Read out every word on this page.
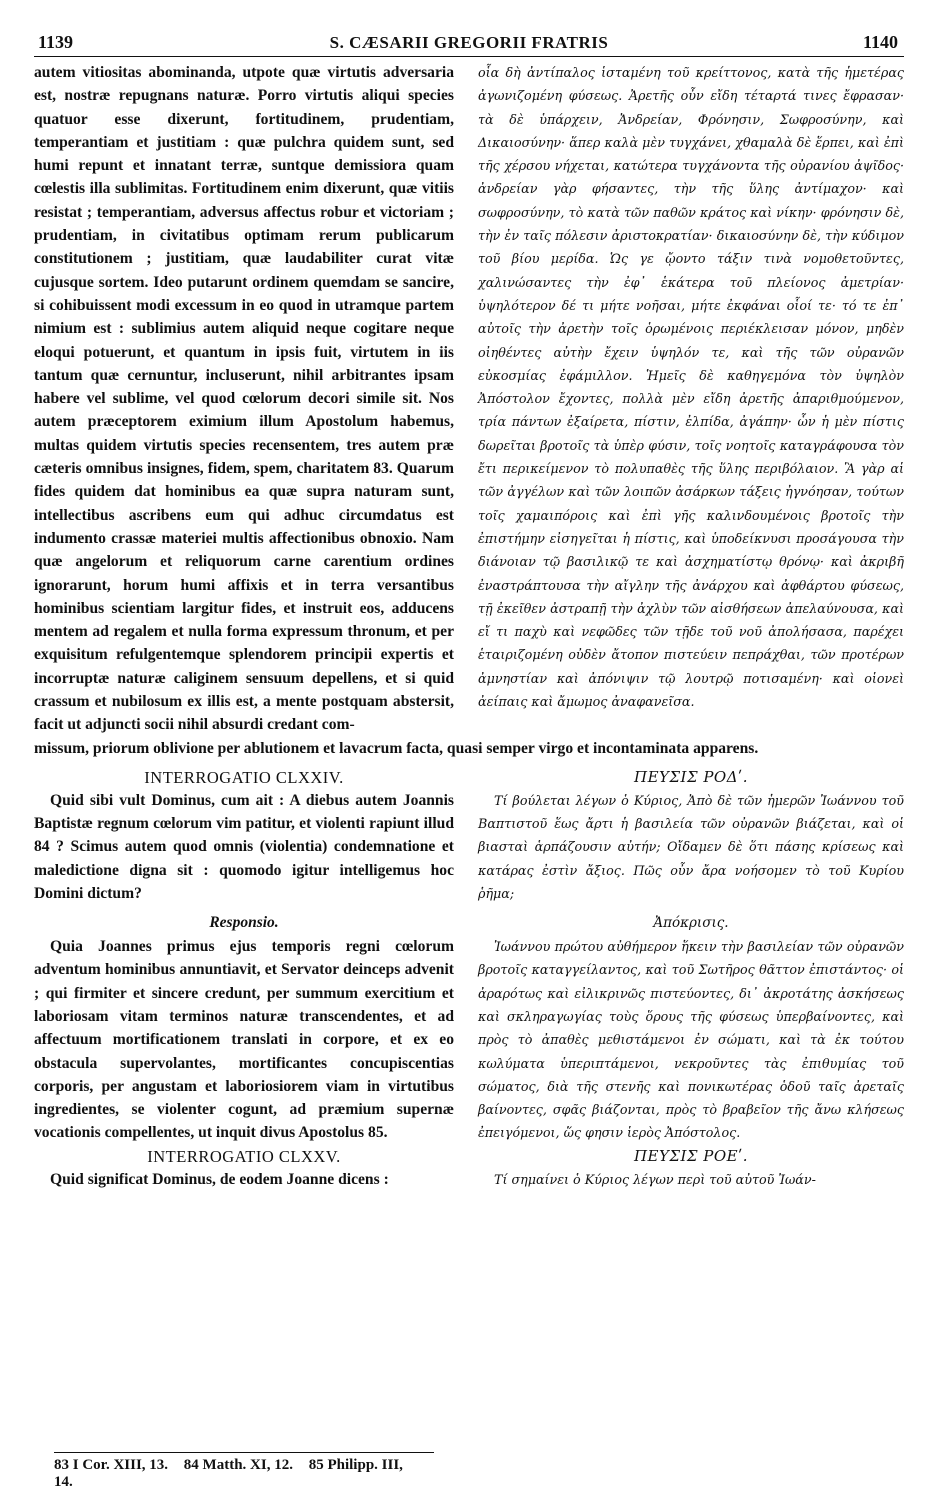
1139	S. CÆSARII GREGORII FRATRIS	1140

autem vitiositas abominanda, utpote quæ virtutis adversaria est, nostræ repugnans naturæ. Porro virtutis aliqui species quatuor esse dixerunt, fortitudinem, prudentiam, temperantiam et justitiam : quæ pulchra quidem sunt, sed humi repunt et innatant terræ, suntque demissiora quam cœlestis illa sublimitas. Fortitudinem enim dixerunt, quæ vitiis resistat ; temperantiam, adversus affectus robur et victoriam ; prudentiam, in civitatibus optimam rerum publicarum constitutionem ; justitiam, quæ laudabiliter curat vitæ cujusque sortem. Ideo putarunt ordinem quemdam se sancire, si cohibuissent modi excessum in eo quod in utramque partem nimium est : sublimius autem aliquid neque cogitare neque eloqui potuerunt, et quantum in ipsis fuit, virtutem in iis tantum quæ cernuntur, incluserunt, nihil arbitrantes ipsam habere vel sublime, vel quod cœlorum decori simile sit. Nos autem præceptorem eximium illum Apostolum habemus, multas quidem virtutis species recensentem, tres autem præ cæteris omnibus insignes, fidem, spem, charitatem 83. Quarum fides quidem dat hominibus ea quæ supra naturam sunt, intellectibus ascribens eum qui adhuc circumdatus est indumento crassæ materiei multis affectionibus obnoxio. Nam quæ angelorum et reliquorum carne carentium ordines ignorarunt, horum humi affixis et in terra versantibus hominibus scientiam largitur fides, et instruit eos, adducens mentem ad regalem et nulla forma expressum thronum, et per exquisitum refulgentemque splendorem principii expertis et incorruptæ naturæ caliginem sensuum depellens, et si quid crassum et nubilosum ex illis est, a mente postquam abstersit, facit ut adjuncti socii nihil absurdi credant com-

οἷα δὴ ἀντίπαλος ἱσταμένη τοῦ κρείττονος, κατὰ τῆς ἡμετέρας ἀγωνιζομένη φύσεως. Ἀρετῆς οὖν εἴδη τέταρτά τινες ἔφρασαν· τὰ δὲ ὑπάρχειν, Ἀνδρείαν, Φρόνησιν, Σωφροσύνην, καὶ Δικαιοσύνην· ἅπερ καλὰ μὲν τυγχάνει, χθαμαλὰ δὲ ἕρπει, καὶ ἐπὶ τῆς χέρσου νήχεται, κατώτερα τυγχάνοντα τῆς οὐρανίου ἀψῖδος· ἀνδρείαν γὰρ φήσαντες, τὴν τῆς ὕλης ἀντίμαχον· καὶ σωφροσύνην, τὸ κατὰ τῶν παθῶν κράτος καὶ νίκην· φρόνησιν δὲ, τὴν ἐν ταῖς πόλεσιν ἀριστοκρατίαν· δικαιοσύνην δὲ, τὴν κύδιμον τοῦ βίου μερίδα. Ὡς γε ᾤοντο τάξιν τινὰ νομοθετοῦντες, χαλινώσαντες τὴν ἐφ᾽ ἑκάτερα τοῦ πλείονος ἀμετρίαν· ὑψηλότερον δέ τι μήτε νοῆσαι, μήτε ἐκφάναι οἷοί τε· τό τε ἐπ᾽ αὐτοῖς τὴν ἀρετὴν τοῖς ὁρωμένοις περιέκλεισαν μόνον, μηδὲν οἰηθέντες αὐτὴν ἔχειν ὑψηλόν τε, καὶ τῆς τῶν οὐρανῶν εὐκοσμίας ἐφάμιλλον. Ἡμεῖς δὲ καθηγεμόνα τὸν ὑψηλὸν Ἀπόστολον ἔχοντες, πολλὰ μὲν εἴδη ἀρετῆς ἀπαριθμούμενον, τρία πάντων ἐξαίρετα, πίστιν, ἐλπίδα, ἀγάπην· ὧν ἡ μὲν πίστις δωρεῖται βροτοῖς τὰ ὑπὲρ φύσιν, τοῖς νοητοῖς καταγράφουσα τὸν ἔτι περικείμενον τὸ πολυπαθὲς τῆς ὕλης περιβόλαιον. Ἃ γὰρ αἱ τῶν ἀγγέλων καὶ τῶν λοιπῶν ἀσάρκων τάξεις ἠγνόησαν, τούτων τοῖς χαμαιπόροις καὶ ἐπὶ γῆς καλινδουμένοις βροτοῖς τὴν ἐπιστήμην εἰσηγεῖται ἡ πίστις, καὶ ὑποδείκνυσι προσάγουσα τὴν διάνοιαν τῷ βασιλικῷ τε καὶ ἀσχηματίστῳ θρόνῳ· καὶ ἀκριβῆ ἐναστράπτουσα τὴν αἴγλην τῆς ἀνάρχου καὶ ἀφθάρτου φύσεως, τῇ ἐκεῖθεν ἀστραπῇ τὴν ἀχλὺν τῶν αἰσθήσεων ἀπελαύνουσα, καὶ εἴ τι παχὺ καὶ νεφῶδες τῶν τῇδε τοῦ νοῦ ἀπολήσασα, παρέχει ἑταιριζομένη οὐδὲν ἄτοπον πιστεύειν πεπράχθαι, τῶν προτέρων ἀμνηστίαν καὶ ἀπόνιψιν τῷ λουτρῷ ποτισαμένη· καὶ οἱονεὶ ἀείπαις καὶ ἄμωμος ἀναφανεῖσα.

missum, priorum oblivione per ablutionem et lavacrum facta, quasi semper virgo et incontaminata apparens.
INTERROGATIO CLXXIV.

Quid sibi vult Dominus, cum ait : A diebus autem Joannis Baptistæ regnum cœlorum vim patitur, et violenti rapiunt illud 84 ? Scimus autem quod omnis (violentia) condemnatione et maledictione digna sit : quomodo igitur intelligemus hoc Domini dictum?

Responsio.

Quia Joannes primus ejus temporis regni cœlorum adventum hominibus annuntiavit, et Servator deinceps advenit ; qui firmiter et sincere credunt, per summum exercitium et laboriosam vitam terminos naturæ transcendentes, et ad affectuum mortificationem translati in corpore, et ex eo obstacula supervolantes, mortificantes concupiscentias corporis, per angustam et laboriosiorem viam in virtutibus ingredientes, se violenter cogunt, ad præmium supernæ vocationis compellentes, ut inquit divus Apostolus 85.

INTERROGATIO CLXXV.

Quid significat Dominus, de eodem Joanne dicens :

ΠΕΥΣΙΣ ΡΟΔʹ.

Τί βούλεται λέγων ὁ Κύριος, Ἀπὸ δὲ τῶν ἡμερῶν Ἰωάννου τοῦ Βαπτιστοῦ ἕως ἄρτι ἡ βασιλεία τῶν οὐρανῶν βιάζεται, καὶ οἱ βιασταὶ ἁρπάζουσιν αὐτήν; Οἴδαμεν δὲ ὅτι πάσης κρίσεως καὶ κατάρας ἐστὶν ἄξιος. Πῶς οὖν ἄρα νοήσομεν τὸ τοῦ Κυρίου ῥῆμα;

Ἀπόκρισις.

Ἰωάννου πρώτου αὐθήμερον ἥκειν τὴν βασιλείαν τῶν οὐρανῶν βροτοῖς καταγγείλαντος, καὶ τοῦ Σωτῆρος θᾶττον ἐπιστάντος· οἱ ἀραρότως καὶ εἰλικρινῶς πιστεύοντες, δι᾽ ἀκροτάτης ἀσκήσεως καὶ σκληραγωγίας τοὺς ὅρους τῆς φύσεως ὑπερβαίνοντες, καὶ πρὸς τὸ ἀπαθὲς μεθιστάμενοι ἐν σώματι, καὶ τὰ ἐκ τούτου κωλύματα ὑπεριπτάμενοι, νεκροῦντες τὰς ἐπιθυμίας τοῦ σώματος, διὰ τῆς στενῆς καὶ πονικωτέρας ὁδοῦ ταῖς ἀρεταῖς βαίνοντες, σφᾶς βιάζονται, πρὸς τὸ βραβεῖον τῆς ἄνω κλήσεως ἐπειγόμενοι, ὥς φησιν ἱερὸς Ἀπόστολος.

ΠΕΥΣΙΣ ΡΟΕʹ.

Τί σημαίνει ὁ Κύριος λέγων περὶ τοῦ αὐτοῦ Ἰωάν-

83 I Cor. XIII, 13. 84 Matth. XI, 12. 85 Philipp. III, 14.
